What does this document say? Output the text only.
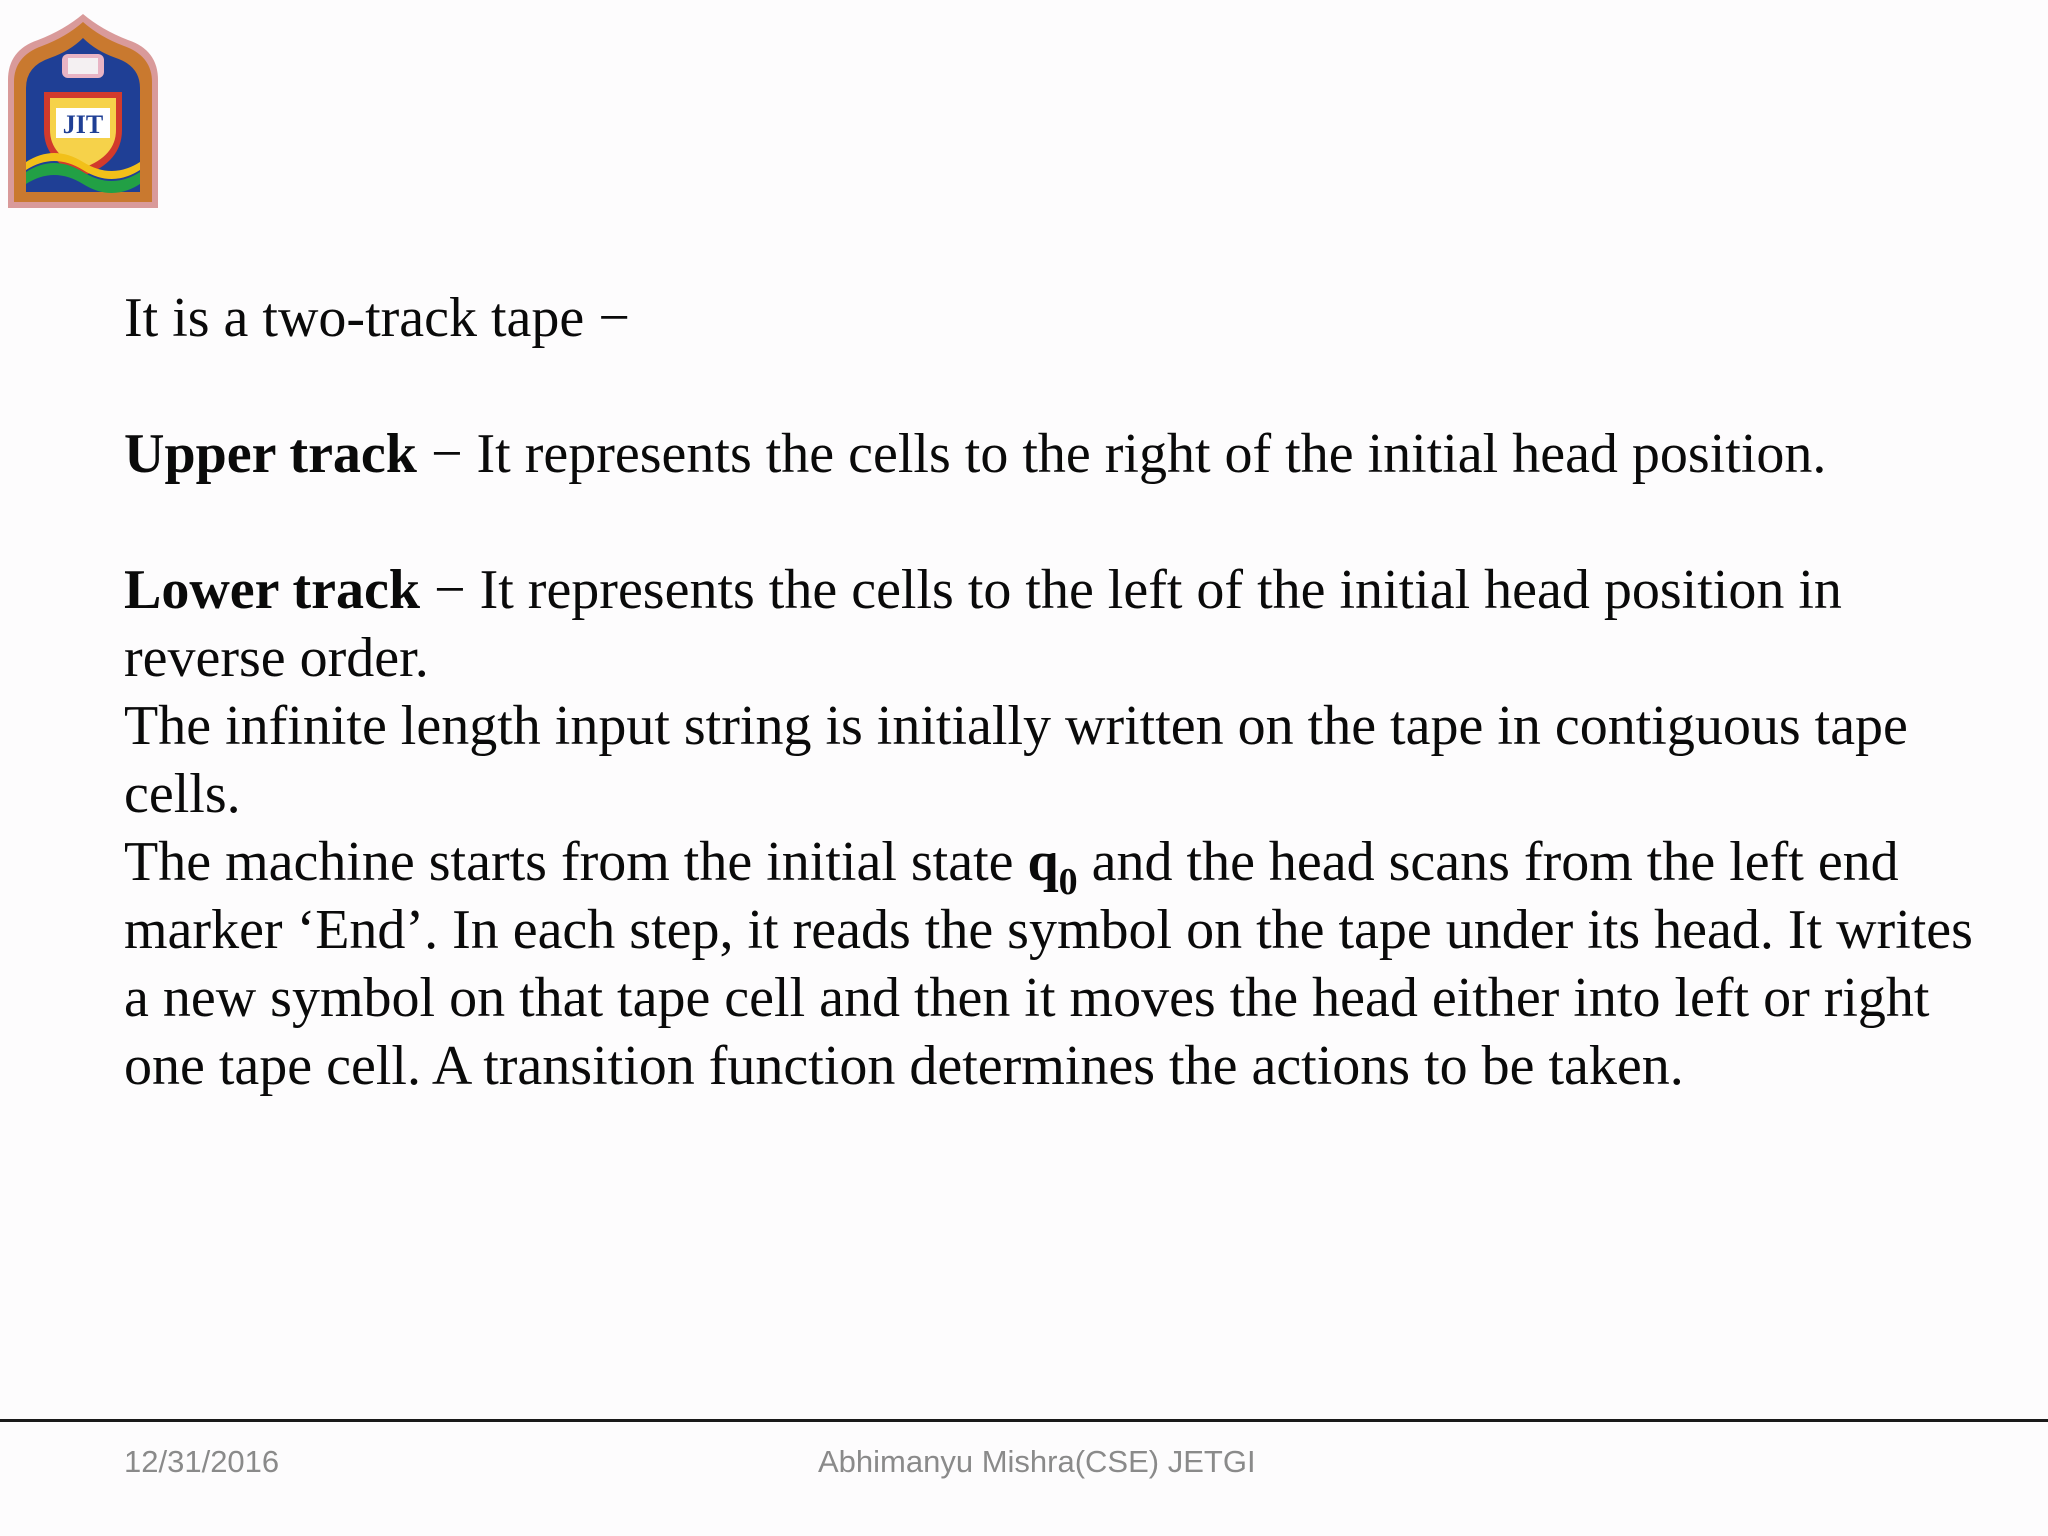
JIT

It is a two-track tape −

Upper track − It represents the cells to the right of the initial head position.

Lower track − It represents the cells to the left of the initial head position in reverse order.

The infinite length input string is initially written on the tape in contiguous tape cells.

The machine starts from the initial state $q_0$ and the head scans from the left end marker ‘End’. In each step, it reads the symbol on the tape under its head. It writes a new symbol on that tape cell and then it moves the head either into left or right one tape cell. A transition function determines the actions to be taken.

12/31/2016	Abhimanyu Mishra(CSE) JETGI
